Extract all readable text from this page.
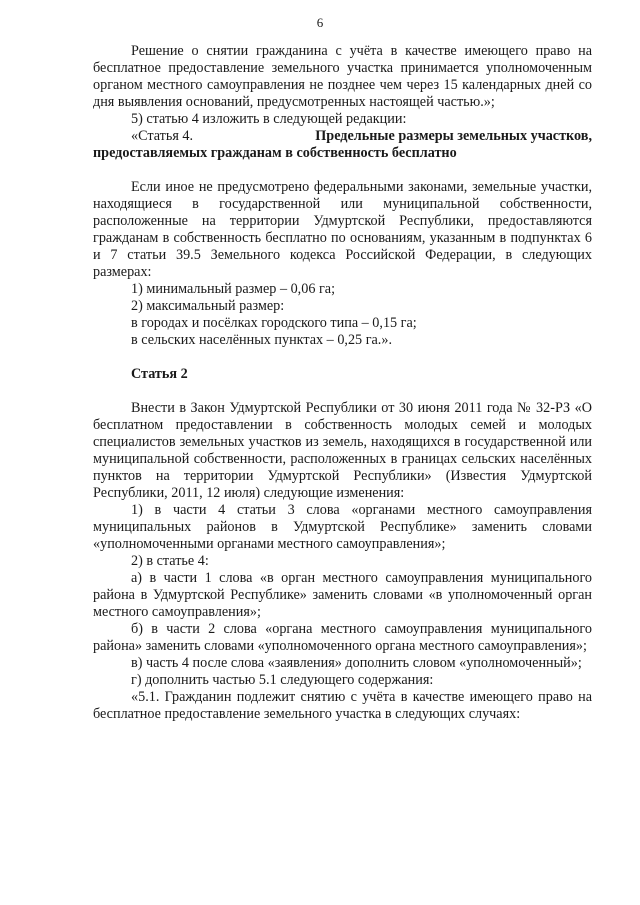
6

Решение о снятии гражданина с учёта в качестве имеющего право на бесплатное предоставление земельного участка принимается уполномоченным органом местного самоуправления не позднее чем через 15 календарных дней со дня выявления оснований, предусмотренных настоящей частью.»;

5) статью 4 изложить в следующей редакции:

«Статья 4.	Предельные размеры земельных участков,

предоставляемых гражданам в собственность бесплатно

Если иное не предусмотрено федеральными законами, земельные участки, находящиеся в государственной или муниципальной собственности, расположенные на территории Удмуртской Республики, предоставляются гражданам в собственность бесплатно по основаниям, указанным в подпунктах 6 и 7 статьи 39.5 Земельного кодекса Российской Федерации, в следующих размерах:

1) минимальный размер – 0,06 га;

2) максимальный размер:

в городах и посёлках городского типа – 0,15 га;

в сельских населённых пунктах – 0,25 га.».

Статья 2

Внести в Закон Удмуртской Республики от 30 июня 2011 года № 32-РЗ «О бесплатном предоставлении в собственность молодых семей и молодых специалистов земельных участков из земель, находящихся в государственной или муниципальной собственности, расположенных в границах сельских населённых пунктов на территории Удмуртской Республики» (Известия Удмуртской Республики, 2011, 12 июля) следующие изменения:

1) в части 4 статьи 3 слова «органами местного самоуправления муниципальных районов в Удмуртской Республике» заменить словами «уполномоченными органами местного самоуправления»;

2) в статье 4:

а) в части 1 слова «в орган местного самоуправления муниципального района в Удмуртской Республике» заменить словами «в уполномоченный орган местного самоуправления»;

б) в части 2 слова «органа местного самоуправления муниципального района» заменить словами «уполномоченного органа местного самоуправления»;

в) часть 4 после слова «заявления» дополнить словом «уполномоченный»;

г) дополнить частью 5.1 следующего содержания:

«5.1. Гражданин подлежит снятию с учёта в качестве имеющего право на бесплатное предоставление земельного участка в следующих случаях:
